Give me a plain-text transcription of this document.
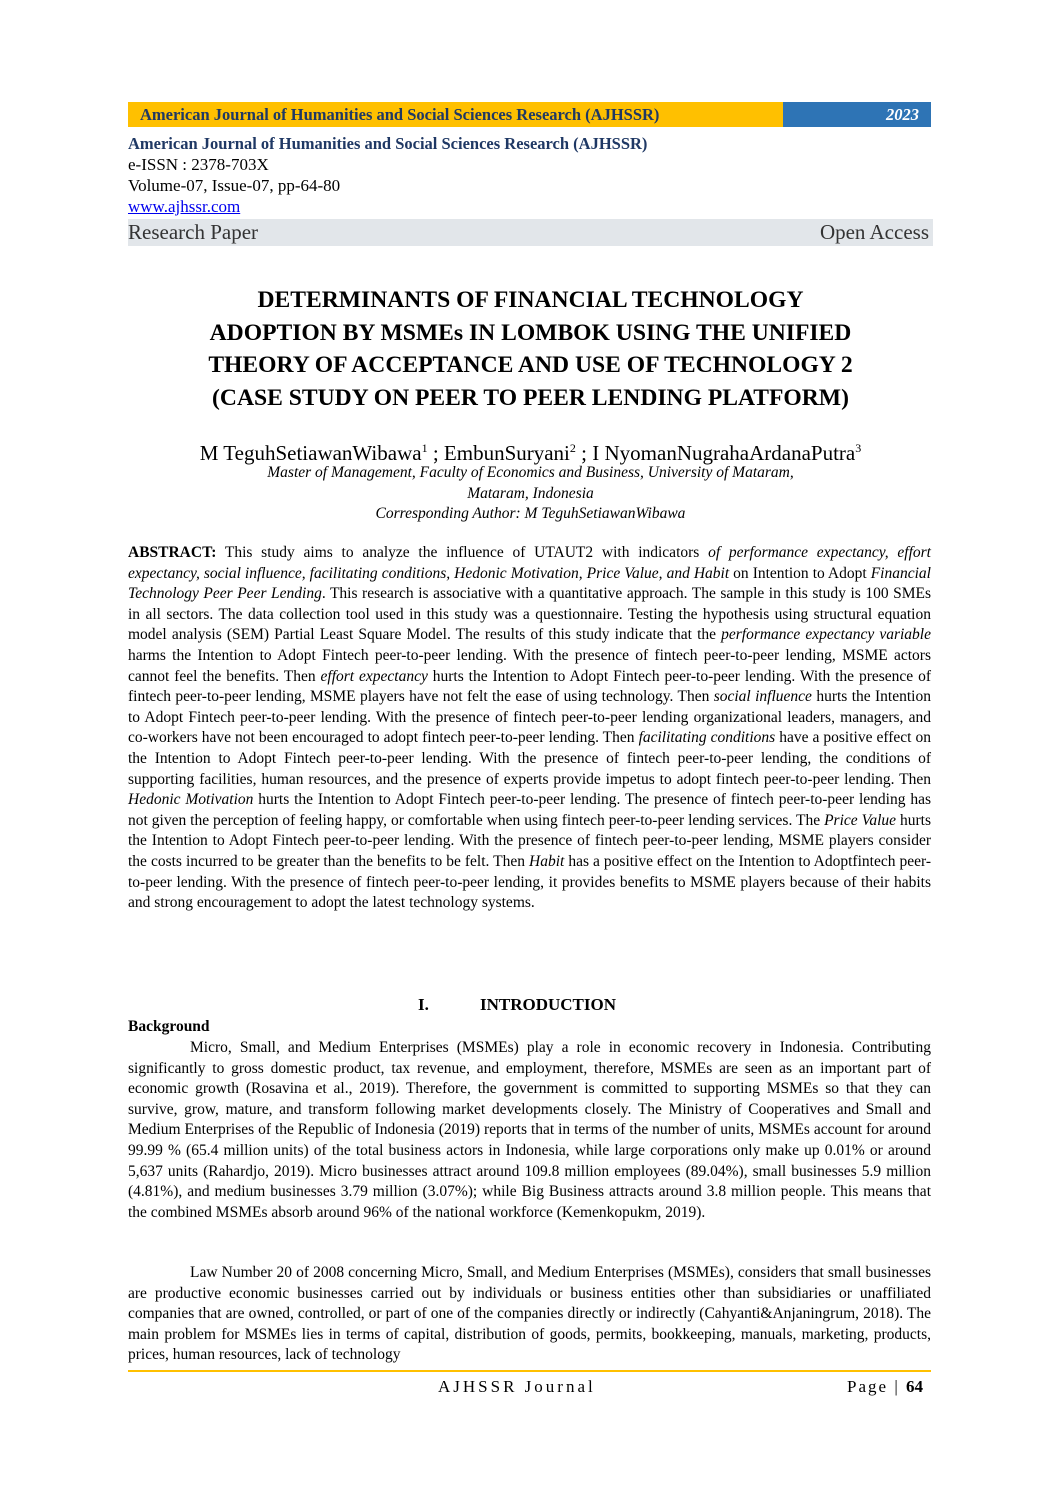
American Journal of Humanities and Social Sciences Research (AJHSSR)	2023
American Journal of Humanities and Social Sciences Research (AJHSSR)
e-ISSN : 2378-703X
Volume-07, Issue-07, pp-64-80
www.ajhssr.com
Research Paper	Open Access
DETERMINANTS OF FINANCIAL TECHNOLOGY
ADOPTION BY MSMEs IN LOMBOK USING THE UNIFIED
THEORY OF ACCEPTANCE AND USE OF TECHNOLOGY 2
(CASE STUDY ON PEER TO PEER LENDING PLATFORM)
M TeguhSetiawanWibawa$^1$ ; EmbunSuryani$^2$ ; I NyomanNugrahaArdanaPutra$^3$
Master of Management, Faculty of Economics and Business, University of Mataram,
Mataram, Indonesia
Corresponding Author: M TeguhSetiawanWibawa
ABSTRACT: This study aims to analyze the influence of UTAUT2 with indicators of performance expectancy, effort expectancy, social influence, facilitating conditions, Hedonic Motivation, Price Value, and Habit on Intention to Adopt Financial Technology Peer Peer Lending. This research is associative with a quantitative approach. The sample in this study is 100 SMEs in all sectors. The data collection tool used in this study was a questionnaire. Testing the hypothesis using structural equation model analysis (SEM) Partial Least Square Model. The results of this study indicate that the performance expectancy variable harms the Intention to Adopt Fintech peer-to-peer lending. With the presence of fintech peer-to-peer lending, MSME actors cannot feel the benefits. Then effort expectancy hurts the Intention to Adopt Fintech peer-to-peer lending. With the presence of fintech peer-to-peer lending, MSME players have not felt the ease of using technology. Then social influence hurts the Intention to Adopt Fintech peer-to-peer lending. With the presence of fintech peer-to-peer lending organizational leaders, managers, and co-workers have not been encouraged to adopt fintech peer-to-peer lending. Then facilitating conditions have a positive effect on the Intention to Adopt Fintech peer-to-peer lending. With the presence of fintech peer-to-peer lending, the conditions of supporting facilities, human resources, and the presence of experts provide impetus to adopt fintech peer-to-peer lending. Then Hedonic Motivation hurts the Intention to Adopt Fintech peer-to-peer lending. The presence of fintech peer-to-peer lending has not given the perception of feeling happy, or comfortable when using fintech peer-to-peer lending services. The Price Value hurts the Intention to Adopt Fintech peer-to-peer lending. With the presence of fintech peer-to-peer lending, MSME players consider the costs incurred to be greater than the benefits to be felt. Then Habit has a positive effect on the Intention to Adoptfintech peer-to-peer lending. With the presence of fintech peer-to-peer lending, it provides benefits to MSME players because of their habits and strong encouragement to adopt the latest technology systems.
I.	INTRODUCTION
Background
Micro, Small, and Medium Enterprises (MSMEs) play a role in economic recovery in Indonesia. Contributing significantly to gross domestic product, tax revenue, and employment, therefore, MSMEs are seen as an important part of economic growth (Rosavina et al., 2019). Therefore, the government is committed to supporting MSMEs so that they can survive, grow, mature, and transform following market developments closely. The Ministry of Cooperatives and Small and Medium Enterprises of the Republic of Indonesia (2019) reports that in terms of the number of units, MSMEs account for around 99.99 % (65.4 million units) of the total business actors in Indonesia, while large corporations only make up 0.01% or around 5,637 units (Rahardjo, 2019). Micro businesses attract around 109.8 million employees (89.04%), small businesses 5.9 million (4.81%), and medium businesses 3.79 million (3.07%); while Big Business attracts around 3.8 million people. This means that the combined MSMEs absorb around 96% of the national workforce (Kemenkopukm, 2019).
Law Number 20 of 2008 concerning Micro, Small, and Medium Enterprises (MSMEs), considers that small businesses are productive economic businesses carried out by individuals or business entities other than subsidiaries or unaffiliated companies that are owned, controlled, or part of one of the companies directly or indirectly (Cahyanti&Anjaningrum, 2018). The main problem for MSMEs lies in terms of capital, distribution of goods, permits, bookkeeping, manuals, marketing, products, prices, human resources, lack of technology
AJHSSR Journal	Page | 64
